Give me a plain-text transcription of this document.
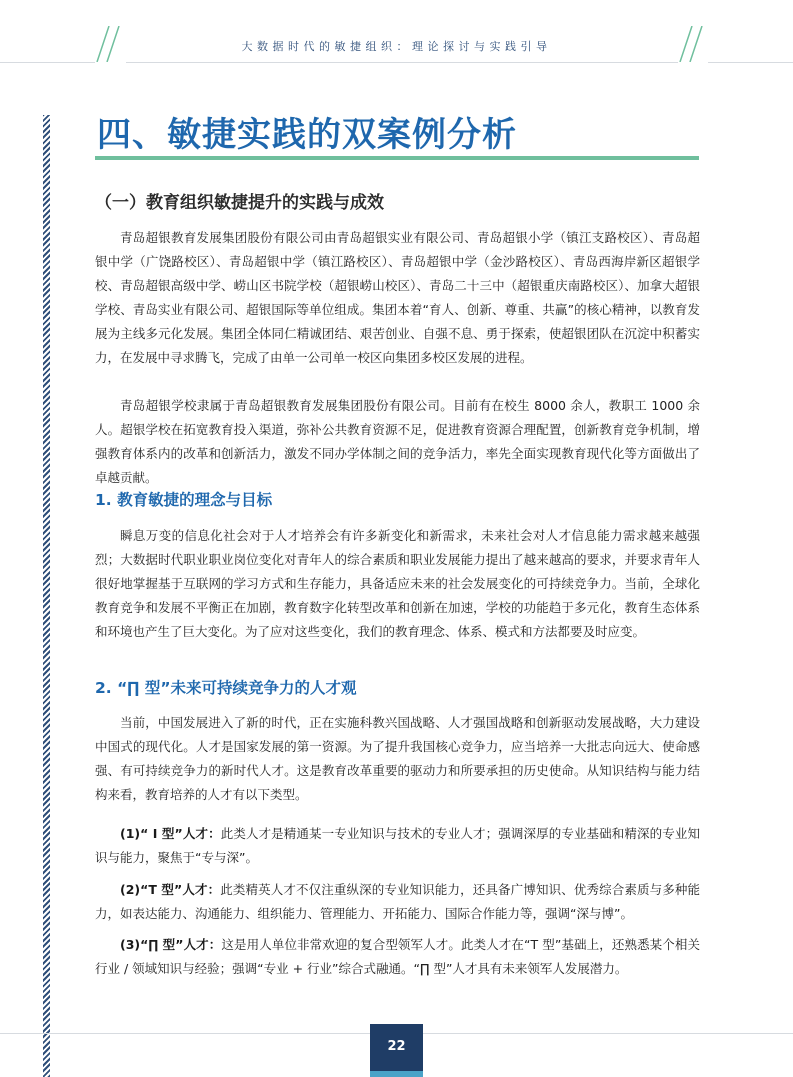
大数据时代的敏捷组织：理论探讨与实践引导
四、敏捷实践的双案例分析
（一）教育组织敏捷提升的实践与成效

青岛超银教育发展集团股份有限公司由青岛超银实业有限公司、青岛超银小学（镇江支路校区）、青岛超银中学（广饶路校区）、青岛超银中学（镇江路校区）、青岛超银中学（金沙路校区）、青岛西海岸新区超银学校、青岛超银高级中学、崂山区书院学校（超银崂山校区）、青岛二十三中（超银重庆南路校区）、加拿大超银学校、青岛实业有限公司、超银国际等单位组成。集团本着“育人、创新、尊重、共赢”的核心精神，以教育发展为主线多元化发展。集团全体同仁精诚团结、艰苦创业、自强不息、勇于探索，使超银团队在沉淀中积蓄实力，在发展中寻求腾飞，完成了由单一公司单一校区向集团多校区发展的进程。

青岛超银学校隶属于青岛超银教育发展集团股份有限公司。目前有在校生 8000 余人，教职工 1000 余人。超银学校在拓宽教育投入渠道，弥补公共教育资源不足，促进教育资源合理配置，创新教育竞争机制，增强教育体系内的改革和创新活力，激发不同办学体制之间的竞争活力，率先全面实现教育现代化等方面做出了卓越贡献。

1. 教育敏捷的理念与目标

瞬息万变的信息化社会对于人才培养会有许多新变化和新需求，未来社会对人才信息能力需求越来越强烈；大数据时代职业职业岗位变化对青年人的综合素质和职业发展能力提出了越来越高的要求，并要求青年人很好地掌握基于互联网的学习方式和生存能力，具备适应未来的社会发展变化的可持续竞争力。当前，全球化教育竞争和发展不平衡正在加剧，教育数字化转型改革和创新在加速，学校的功能趋于多元化，教育生态体系和环境也产生了巨大变化。为了应对这些变化，我们的教育理念、体系、模式和方法都要及时应变。

2. “∏ 型”未来可持续竞争力的人才观

当前，中国发展进入了新的时代，正在实施科教兴国战略、人才强国战略和创新驱动发展战略，大力建设中国式的现代化。人才是国家发展的第一资源。为了提升我国核心竞争力，应当培养一大批志向远大、使命感强、有可持续竞争力的新时代人才。这是教育改革重要的驱动力和所要承担的历史使命。从知识结构与能力结构来看，教育培养的人才有以下类型。

(1)“ I 型”人才：此类人才是精通某一专业知识与技术的专业人才；强调深厚的专业基础和精深的专业知识与能力，聚焦于“专与深”。

(2)“T 型”人才：此类精英人才不仅注重纵深的专业知识能力，还具备广博知识、优秀综合素质与多种能力，如表达能力、沟通能力、组织能力、管理能力、开拓能力、国际合作能力等，强调“深与博”。

(3)“∏ 型”人才：这是用人单位非常欢迎的复合型领军人才。此类人才在“T 型”基础上，还熟悉某个相关行业 / 领域知识与经验；强调“专业 + 行业”综合式融通。“∏ 型”人才具有未来领军人发展潜力。

22
